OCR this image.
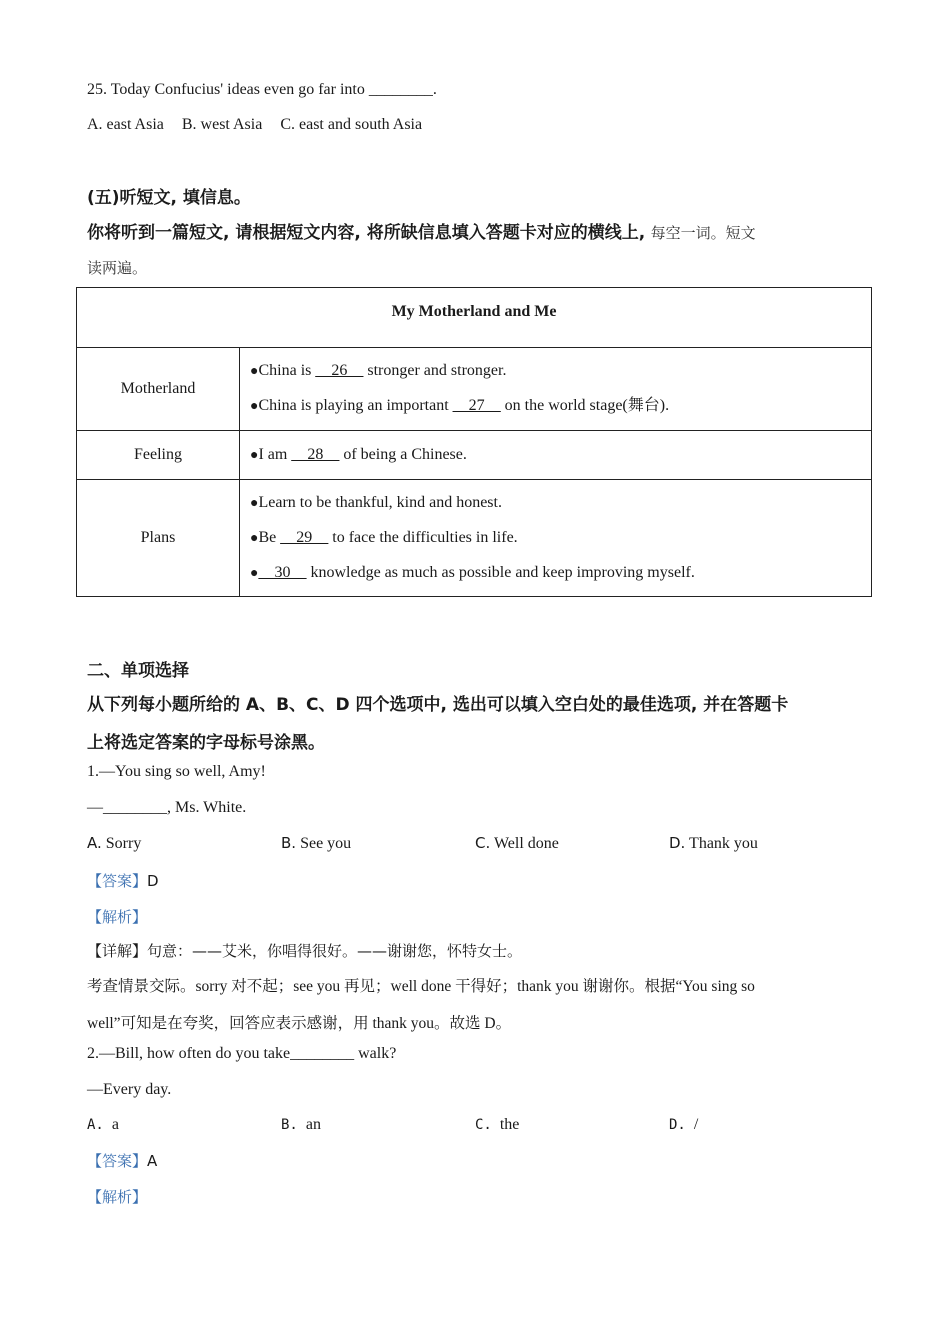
25. Today Confucius' ideas even go far into ________.
A. east Asia B. west Asia C. east and south Asia
(五)听短文, 填信息。
你将听到一篇短文, 请根据短文内容, 将所缺信息填入答题卡对应的横线上, 每空一词。短文
读两遍。
My Motherland and Me	
Motherland	●China is __26__ stronger and stronger.
●China is playing an important __27__ on the world stage(舞台).

Feeling	●I am __28__ of being a Chinese.

Plans	●Learn to be thankful, kind and honest.
●Be __29__ to face the difficulties in life.
●__30__ knowledge as much as possible and keep improving myself.
二、单项选择
从下列每小题所给的 A、B、C、D 四个选项中, 选出可以填入空白处的最佳选项, 并在答题卡
上将选定答案的字母标号涂黑。
1.—You sing so well, Amy!
—________, Ms. White.
A. Sorry	B. See you	C. Well done	D. Thank you
【答案】D
【解析】
【详解】句意：——艾米，你唱得很好。——谢谢您，怀特女士。
考查情景交际。sorry 对不起；see you 再见；well done 干得好；thank you 谢谢你。根据“You sing so
well”可知是在夸奖，回答应表示感谢，用 thank you。故选 D。
2.—Bill, how often do you take________ walk?
—Every day.
A. a	B. an	C. the	D. /
【答案】A
【解析】
